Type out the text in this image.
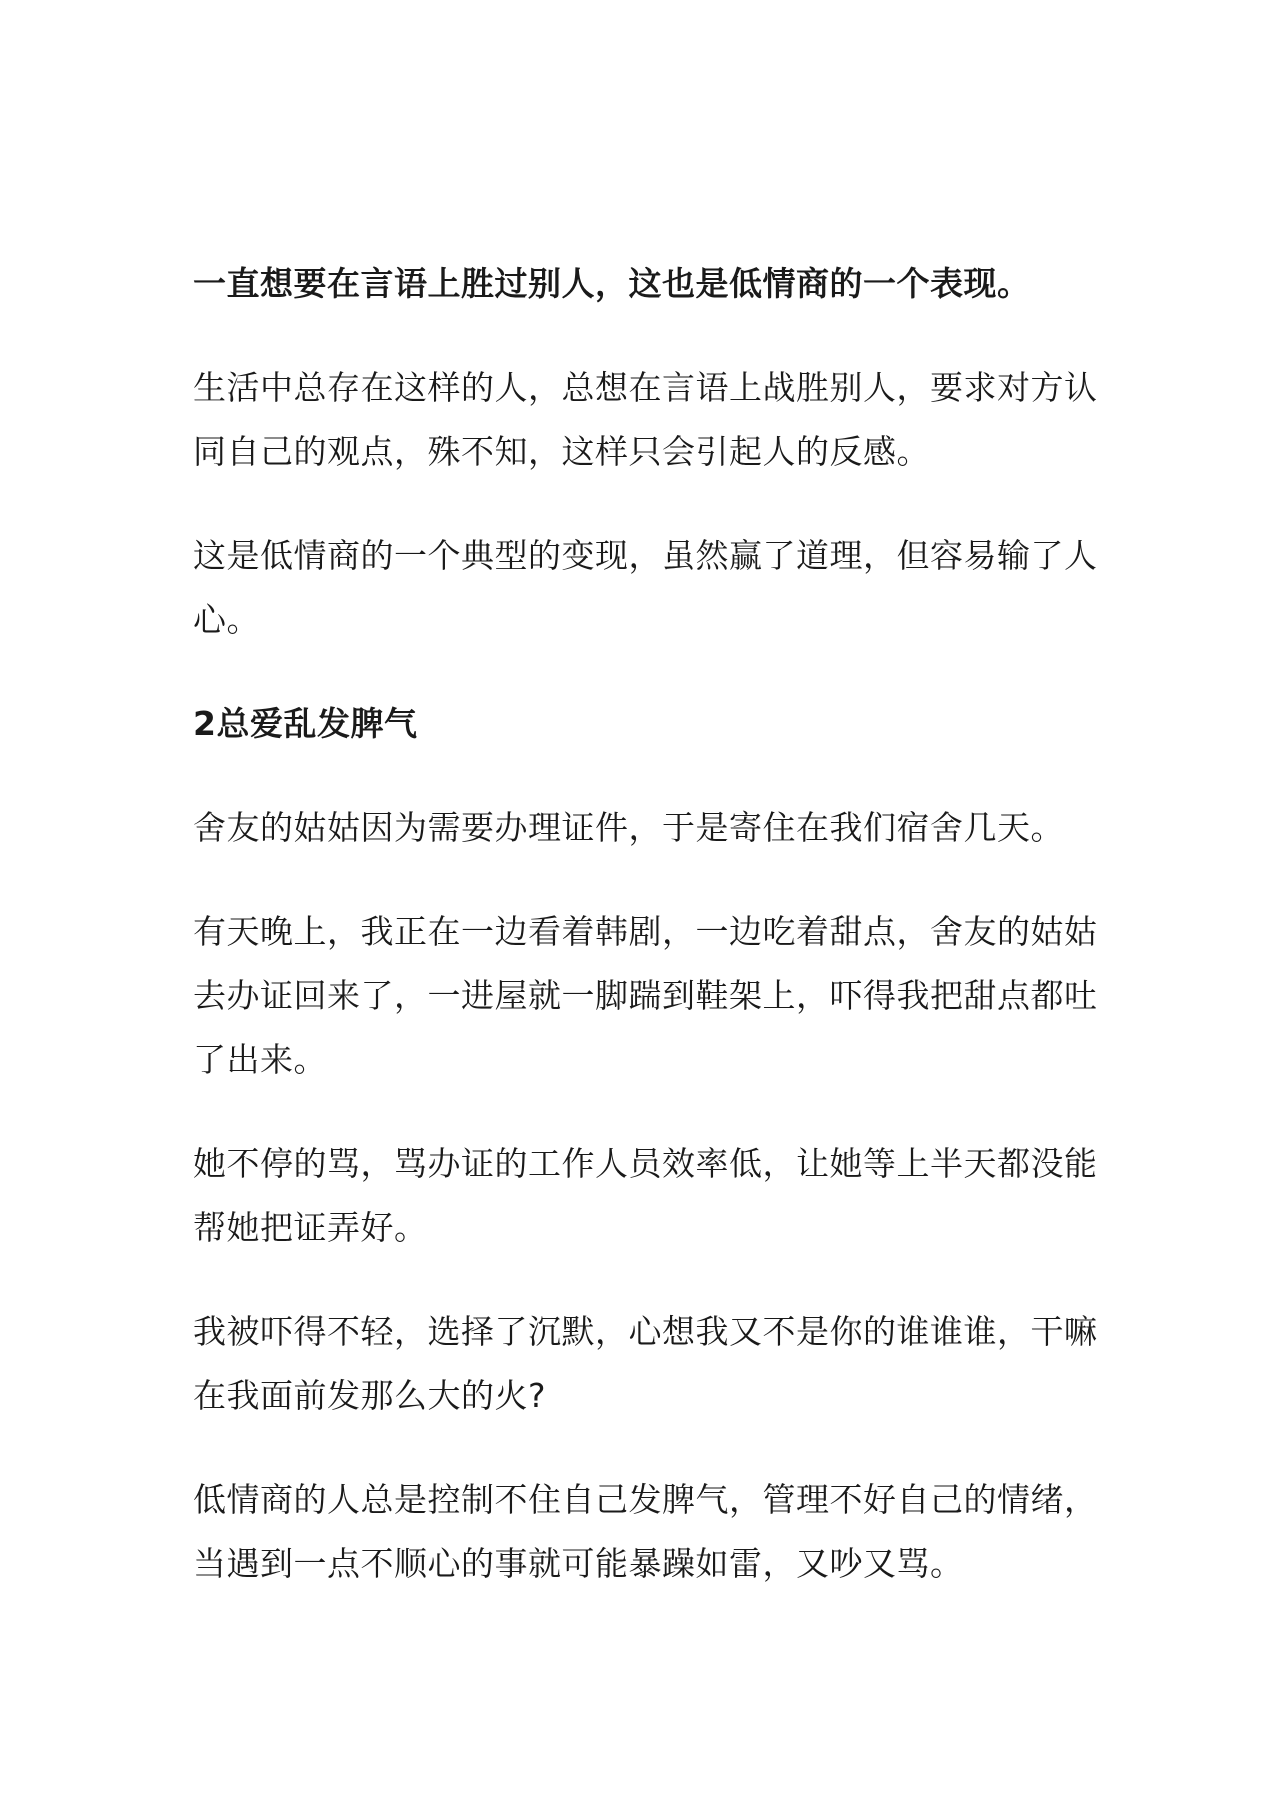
一直想要在言语上胜过别人，这也是低情商的一个表现。

生活中总存在这样的人，总想在言语上战胜别人，要求对方认同自己的观点，殊不知，这样只会引起人的反感。

这是低情商的一个典型的变现，虽然赢了道理，但容易输了人心。

2总爱乱发脾气

舍友的姑姑因为需要办理证件，于是寄住在我们宿舍几天。

有天晚上，我正在一边看着韩剧，一边吃着甜点，舍友的姑姑去办证回来了，一进屋就一脚踹到鞋架上，吓得我把甜点都吐了出来。

她不停的骂，骂办证的工作人员效率低，让她等上半天都没能帮她把证弄好。

我被吓得不轻，选择了沉默，心想我又不是你的谁谁谁，干嘛在我面前发那么大的火?

低情商的人总是控制不住自己发脾气，管理不好自己的情绪，当遇到一点不顺心的事就可能暴躁如雷，又吵又骂。
